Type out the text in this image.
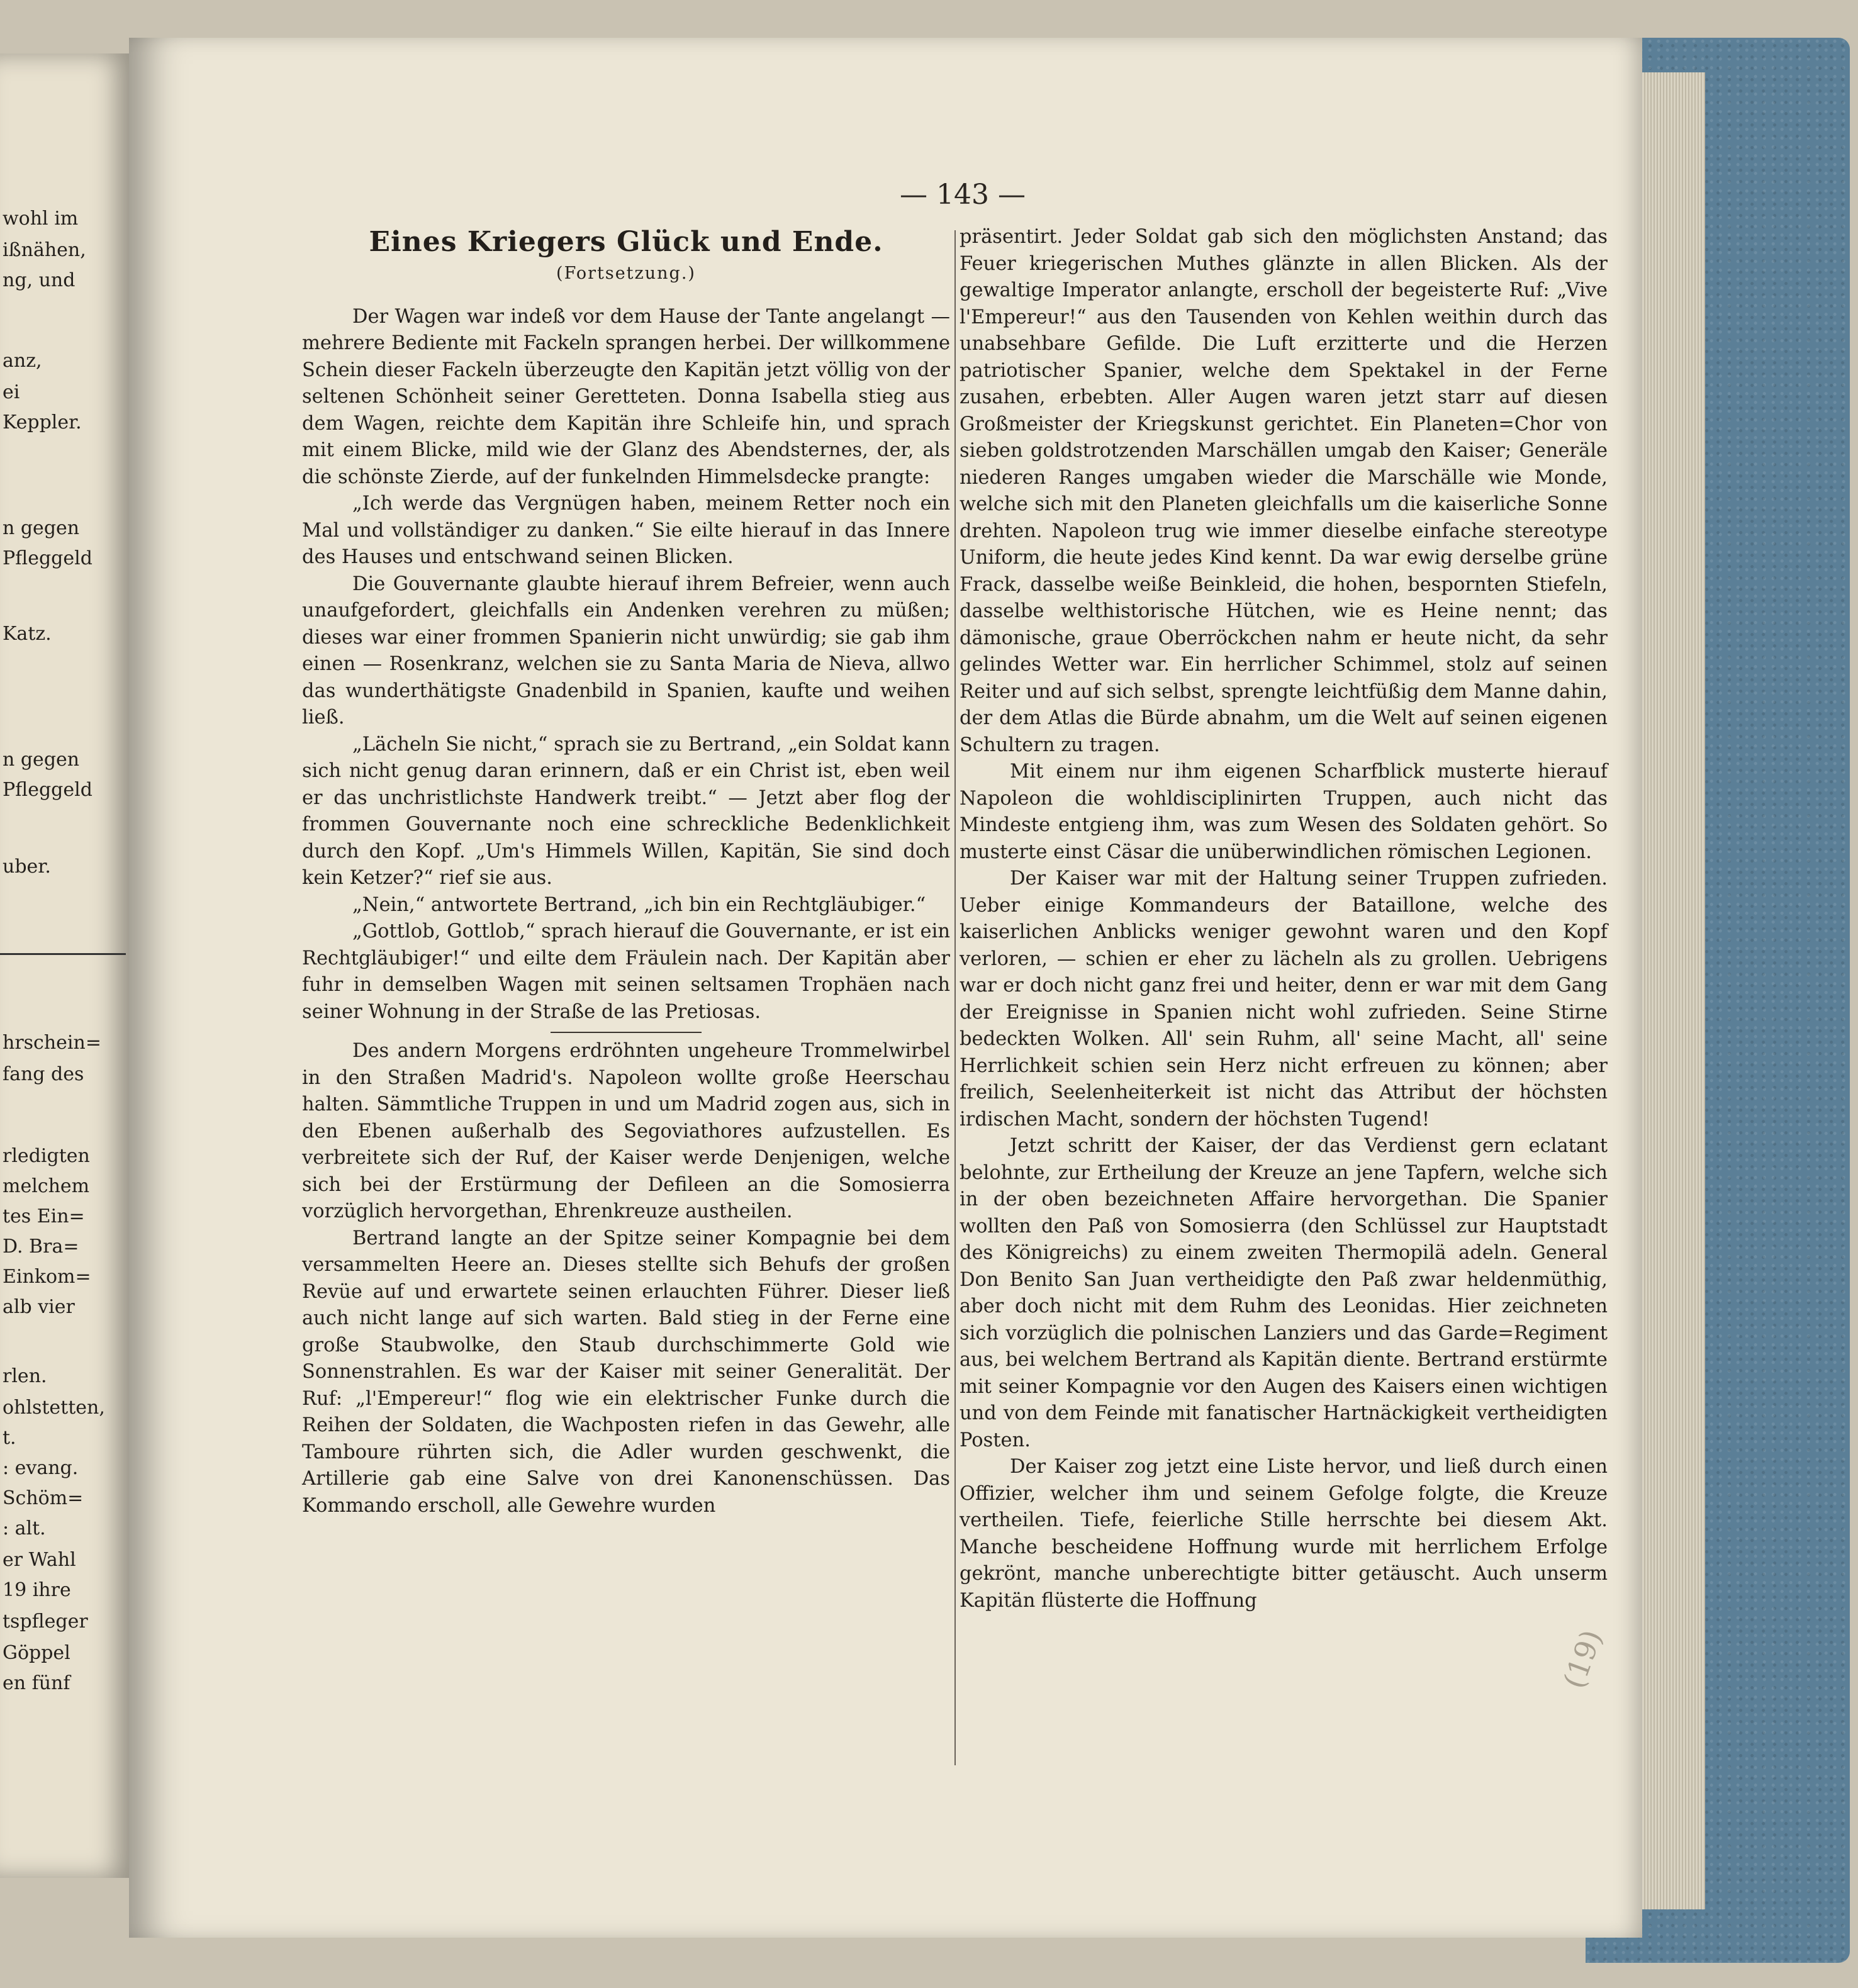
wohl im
ißnähen,
ng, und
anz,
ei
Keppler.
n gegen
Pfleggeld
Katz.
n gegen
Pfleggeld
uber.
hrschein=
fang des
rledigten
melchem
tes Ein=
D. Bra=
Einkom=
alb vier
rlen.
ohlstetten,
t.
: evang.
Schöm=
: alt.
er Wahl
19 ihre
tspfleger
Göppel
en fünf
— 143 —

Eines Kriegers Glück und Ende.

(Fortsetzung.)

Der Wagen war indeß vor dem Hause der Tante angelangt — mehrere Bediente mit Fackeln sprangen herbei. Der willkommene Schein dieser Fackeln überzeugte den Kapitän jetzt völlig von der seltenen Schönheit seiner Geretteten. Donna Isabella stieg aus dem Wagen, reichte dem Kapitän ihre Schleife hin, und sprach mit einem Blicke, mild wie der Glanz des Abendsternes, der, als die schönste Zierde, auf der funkelnden Himmelsdecke prangte:

„Ich werde das Vergnügen haben, meinem Retter noch ein Mal und vollständiger zu danken.“ Sie eilte hierauf in das Innere des Hauses und entschwand seinen Blicken.

Die Gouvernante glaubte hierauf ihrem Befreier, wenn auch unaufgefordert, gleichfalls ein Andenken verehren zu müßen; dieses war einer frommen Spanierin nicht unwürdig; sie gab ihm einen — Rosenkranz, welchen sie zu Santa Maria de Nieva, allwo das wunderthätigste Gnadenbild in Spanien, kaufte und weihen ließ.

„Lächeln Sie nicht,“ sprach sie zu Bertrand, „ein Soldat kann sich nicht genug daran erinnern, daß er ein Christ ist, eben weil er das unchristlichste Handwerk treibt.“ — Jetzt aber flog der frommen Gouvernante noch eine schreckliche Bedenklichkeit durch den Kopf. „Um's Himmels Willen, Kapitän, Sie sind doch kein Ketzer?“ rief sie aus.

„Nein,“ antwortete Bertrand, „ich bin ein Rechtgläubiger.“

„Gottlob, Gottlob,“ sprach hierauf die Gouvernante, er ist ein Rechtgläubiger!“ und eilte dem Fräulein nach. Der Kapitän aber fuhr in demselben Wagen mit seinen seltsamen Trophäen nach seiner Wohnung in der Straße de las Pretiosas.

Des andern Morgens erdröhnten ungeheure Trommelwirbel in den Straßen Madrid's. Napoleon wollte große Heerschau halten. Sämmtliche Truppen in und um Madrid zogen aus, sich in den Ebenen außerhalb des Segoviathores aufzustellen. Es verbreitete sich der Ruf, der Kaiser werde Denjenigen, welche sich bei der Erstürmung der Defileen an die Somosierra vorzüglich hervorgethan, Ehrenkreuze austheilen.

Bertrand langte an der Spitze seiner Kompagnie bei dem versammelten Heere an. Dieses stellte sich Behufs der großen Revüe auf und erwartete seinen erlauchten Führer. Dieser ließ auch nicht lange auf sich warten. Bald stieg in der Ferne eine große Staubwolke, den Staub durchschimmerte Gold wie Sonnenstrahlen. Es war der Kaiser mit seiner Generalität. Der Ruf: „l'Empereur!“ flog wie ein elektrischer Funke durch die Reihen der Soldaten, die Wachposten riefen in das Gewehr, alle Tamboure rührten sich, die Adler wurden geschwenkt, die Artillerie gab eine Salve von drei Kanonenschüssen. Das Kommando erscholl, alle Gewehre wurden

präsentirt. Jeder Soldat gab sich den möglichsten Anstand; das Feuer kriegerischen Muthes glänzte in allen Blicken. Als der gewaltige Imperator anlangte, erscholl der begeisterte Ruf: „Vive l'Empereur!“ aus den Tausenden von Kehlen weithin durch das unabsehbare Gefilde. Die Luft erzitterte und die Herzen patriotischer Spanier, welche dem Spektakel in der Ferne zusahen, erbebten. Aller Augen waren jetzt starr auf diesen Großmeister der Kriegskunst gerichtet. Ein Planeten=Chor von sieben goldstrotzenden Marschällen umgab den Kaiser; Generäle niederen Ranges umgaben wieder die Marschälle wie Monde, welche sich mit den Planeten gleichfalls um die kaiserliche Sonne drehten. Napoleon trug wie immer dieselbe einfache stereotype Uniform, die heute jedes Kind kennt. Da war ewig derselbe grüne Frack, dasselbe weiße Beinkleid, die hohen, bespornten Stiefeln, dasselbe welthistorische Hütchen, wie es Heine nennt; das dämonische, graue Oberröckchen nahm er heute nicht, da sehr gelindes Wetter war. Ein herrlicher Schimmel, stolz auf seinen Reiter und auf sich selbst, sprengte leichtfüßig dem Manne dahin, der dem Atlas die Bürde abnahm, um die Welt auf seinen eigenen Schultern zu tragen.

Mit einem nur ihm eigenen Scharfblick musterte hierauf Napoleon die wohldisciplinirten Truppen, auch nicht das Mindeste entgieng ihm, was zum Wesen des Soldaten gehört. So musterte einst Cäsar die unüberwindlichen römischen Legionen.

Der Kaiser war mit der Haltung seiner Truppen zufrieden. Ueber einige Kommandeurs der Bataillone, welche des kaiserlichen Anblicks weniger gewohnt waren und den Kopf verloren, — schien er eher zu lächeln als zu grollen. Uebrigens war er doch nicht ganz frei und heiter, denn er war mit dem Gang der Ereignisse in Spanien nicht wohl zufrieden. Seine Stirne bedeckten Wolken. All' sein Ruhm, all' seine Macht, all' seine Herrlichkeit schien sein Herz nicht erfreuen zu können; aber freilich, Seelenheiterkeit ist nicht das Attribut der höchsten irdischen Macht, sondern der höchsten Tugend!

Jetzt schritt der Kaiser, der das Verdienst gern eclatant belohnte, zur Ertheilung der Kreuze an jene Tapfern, welche sich in der oben bezeichneten Affaire hervorgethan. Die Spanier wollten den Paß von Somosierra (den Schlüssel zur Hauptstadt des Königreichs) zu einem zweiten Thermopilä adeln. General Don Benito San Juan vertheidigte den Paß zwar heldenmüthig, aber doch nicht mit dem Ruhm des Leonidas. Hier zeichneten sich vorzüglich die polnischen Lanziers und das Garde=Regiment aus, bei welchem Bertrand als Kapitän diente. Bertrand erstürmte mit seiner Kompagnie vor den Augen des Kaisers einen wichtigen und von dem Feinde mit fanatischer Hartnäckigkeit vertheidigten Posten.

Der Kaiser zog jetzt eine Liste hervor, und ließ durch einen Offizier, welcher ihm und seinem Gefolge folgte, die Kreuze vertheilen. Tiefe, feierliche Stille herrschte bei diesem Akt. Manche bescheidene Hoffnung wurde mit herrlichem Erfolge gekrönt, manche unberechtigte bitter getäuscht. Auch unserm Kapitän flüsterte die Hoffnung

(19)
